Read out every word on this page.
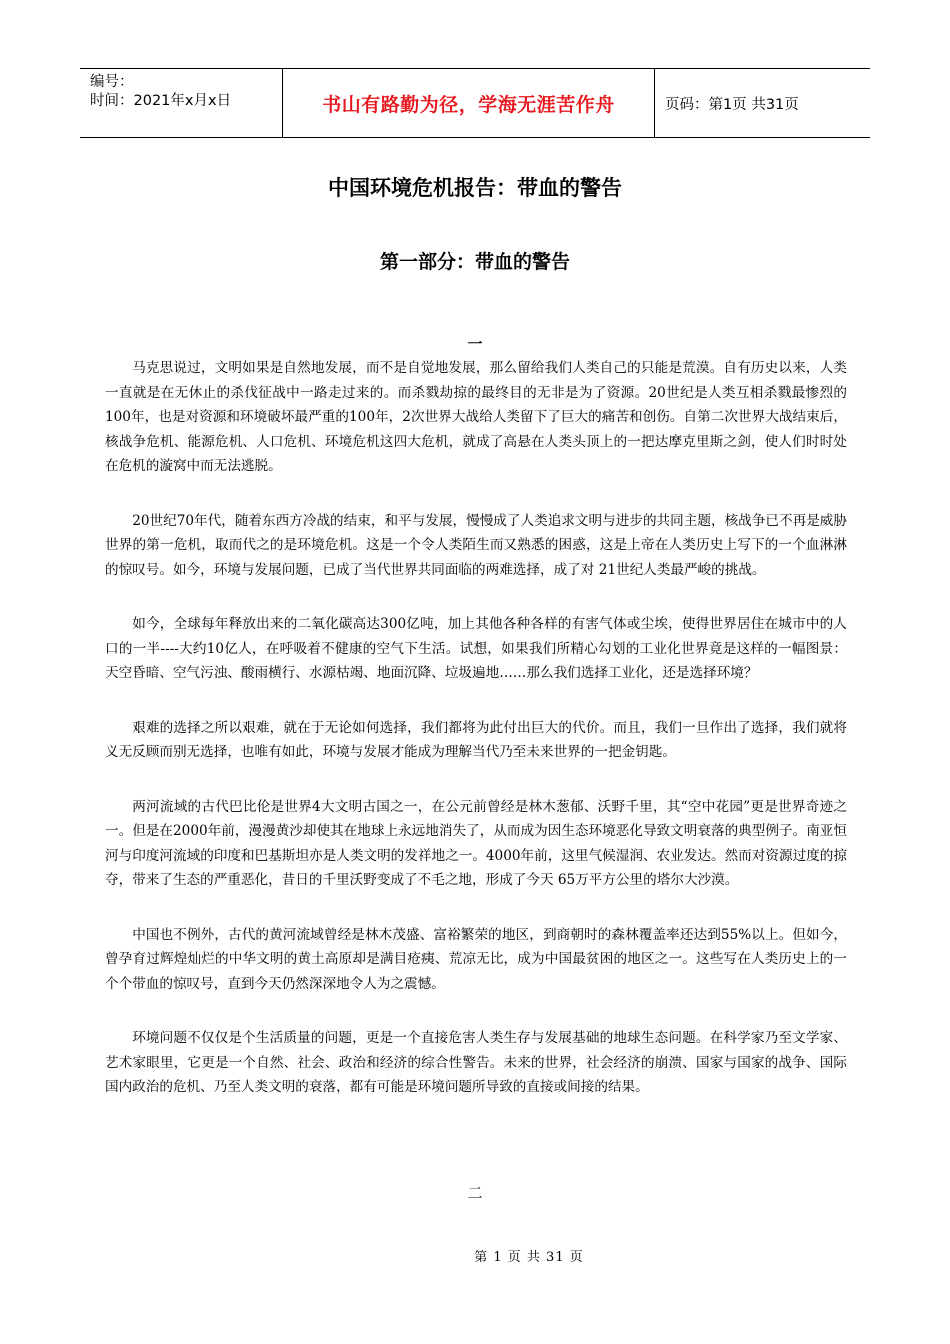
编号：
时间：2021年x月x日	书山有路勤为径，学海无涯苦作舟	页码：第1页 共31页
中国环境危机报告：带血的警告
第一部分：带血的警告
一

马克思说过，文明如果是自然地发展，而不是自觉地发展，那么留给我们人类自己的只能是荒漠。自有历史以来，人类一直就是在无休止的杀伐征战中一路走过来的。而杀戮劫掠的最终目的无非是为了资源。20世纪是人类互相杀戮最惨烈的100年，也是对资源和环境破坏最严重的100年，2次世界大战给人类留下了巨大的痛苦和创伤。自第二次世界大战结束后，核战争危机、能源危机、人口危机、环境危机这四大危机，就成了高悬在人类头顶上的一把达摩克里斯之剑，使人们时时处在危机的漩窝中而无法逃脱。

20世纪70年代，随着东西方冷战的结束，和平与发展，慢慢成了人类追求文明与进步的共同主题，核战争已不再是威胁世界的第一危机，取而代之的是环境危机。这是一个令人类陌生而又熟悉的困惑，这是上帝在人类历史上写下的一个血淋淋的惊叹号。如今，环境与发展问题，已成了当代世界共同面临的两难选择，成了对 21世纪人类最严峻的挑战。

如今，全球每年释放出来的二氧化碳高达300亿吨，加上其他各种各样的有害气体或尘埃，使得世界居住在城市中的人口的一半----大约10亿人，在呼吸着不健康的空气下生活。试想，如果我们所精心勾划的工业化世界竟是这样的一幅图景：天空昏暗、空气污浊、酸雨横行、水源枯竭、地面沉降、垃圾遍地……那么我们选择工业化，还是选择环境？

艰难的选择之所以艰难，就在于无论如何选择，我们都将为此付出巨大的代价。而且，我们一旦作出了选择，我们就将义无反顾而别无选择，也唯有如此，环境与发展才能成为理解当代乃至未来世界的一把金钥匙。

两河流域的古代巴比伦是世界4大文明古国之一，在公元前曾经是林木葱郁、沃野千里，其“空中花园”更是世界奇迹之一。但是在2000年前，漫漫黄沙却使其在地球上永远地消失了，从而成为因生态环境恶化导致文明衰落的典型例子。南亚恒河与印度河流域的印度和巴基斯坦亦是人类文明的发祥地之一。4000年前，这里气候湿润、农业发达。然而对资源过度的掠夺，带来了生态的严重恶化，昔日的千里沃野变成了不毛之地，形成了今天 65万平方公里的塔尔大沙漠。

中国也不例外，古代的黄河流域曾经是林木茂盛、富裕繁荣的地区，到商朝时的森林覆盖率还达到55%以上。但如今，曾孕育过辉煌灿烂的中华文明的黄土高原却是满目疮痍、荒凉无比，成为中国最贫困的地区之一。这些写在人类历史上的一个个带血的惊叹号，直到今天仍然深深地令人为之震憾。

环境问题不仅仅是个生活质量的问题，更是一个直接危害人类生存与发展基础的地球生态问题。在科学家乃至文学家、艺术家眼里，它更是一个自然、社会、政治和经济的综合性警告。未来的世界，社会经济的崩溃、国家与国家的战争、国际国内政治的危机、乃至人类文明的衰落，都有可能是环境问题所导致的直接或间接的结果。

二
第 1 页 共 31 页
